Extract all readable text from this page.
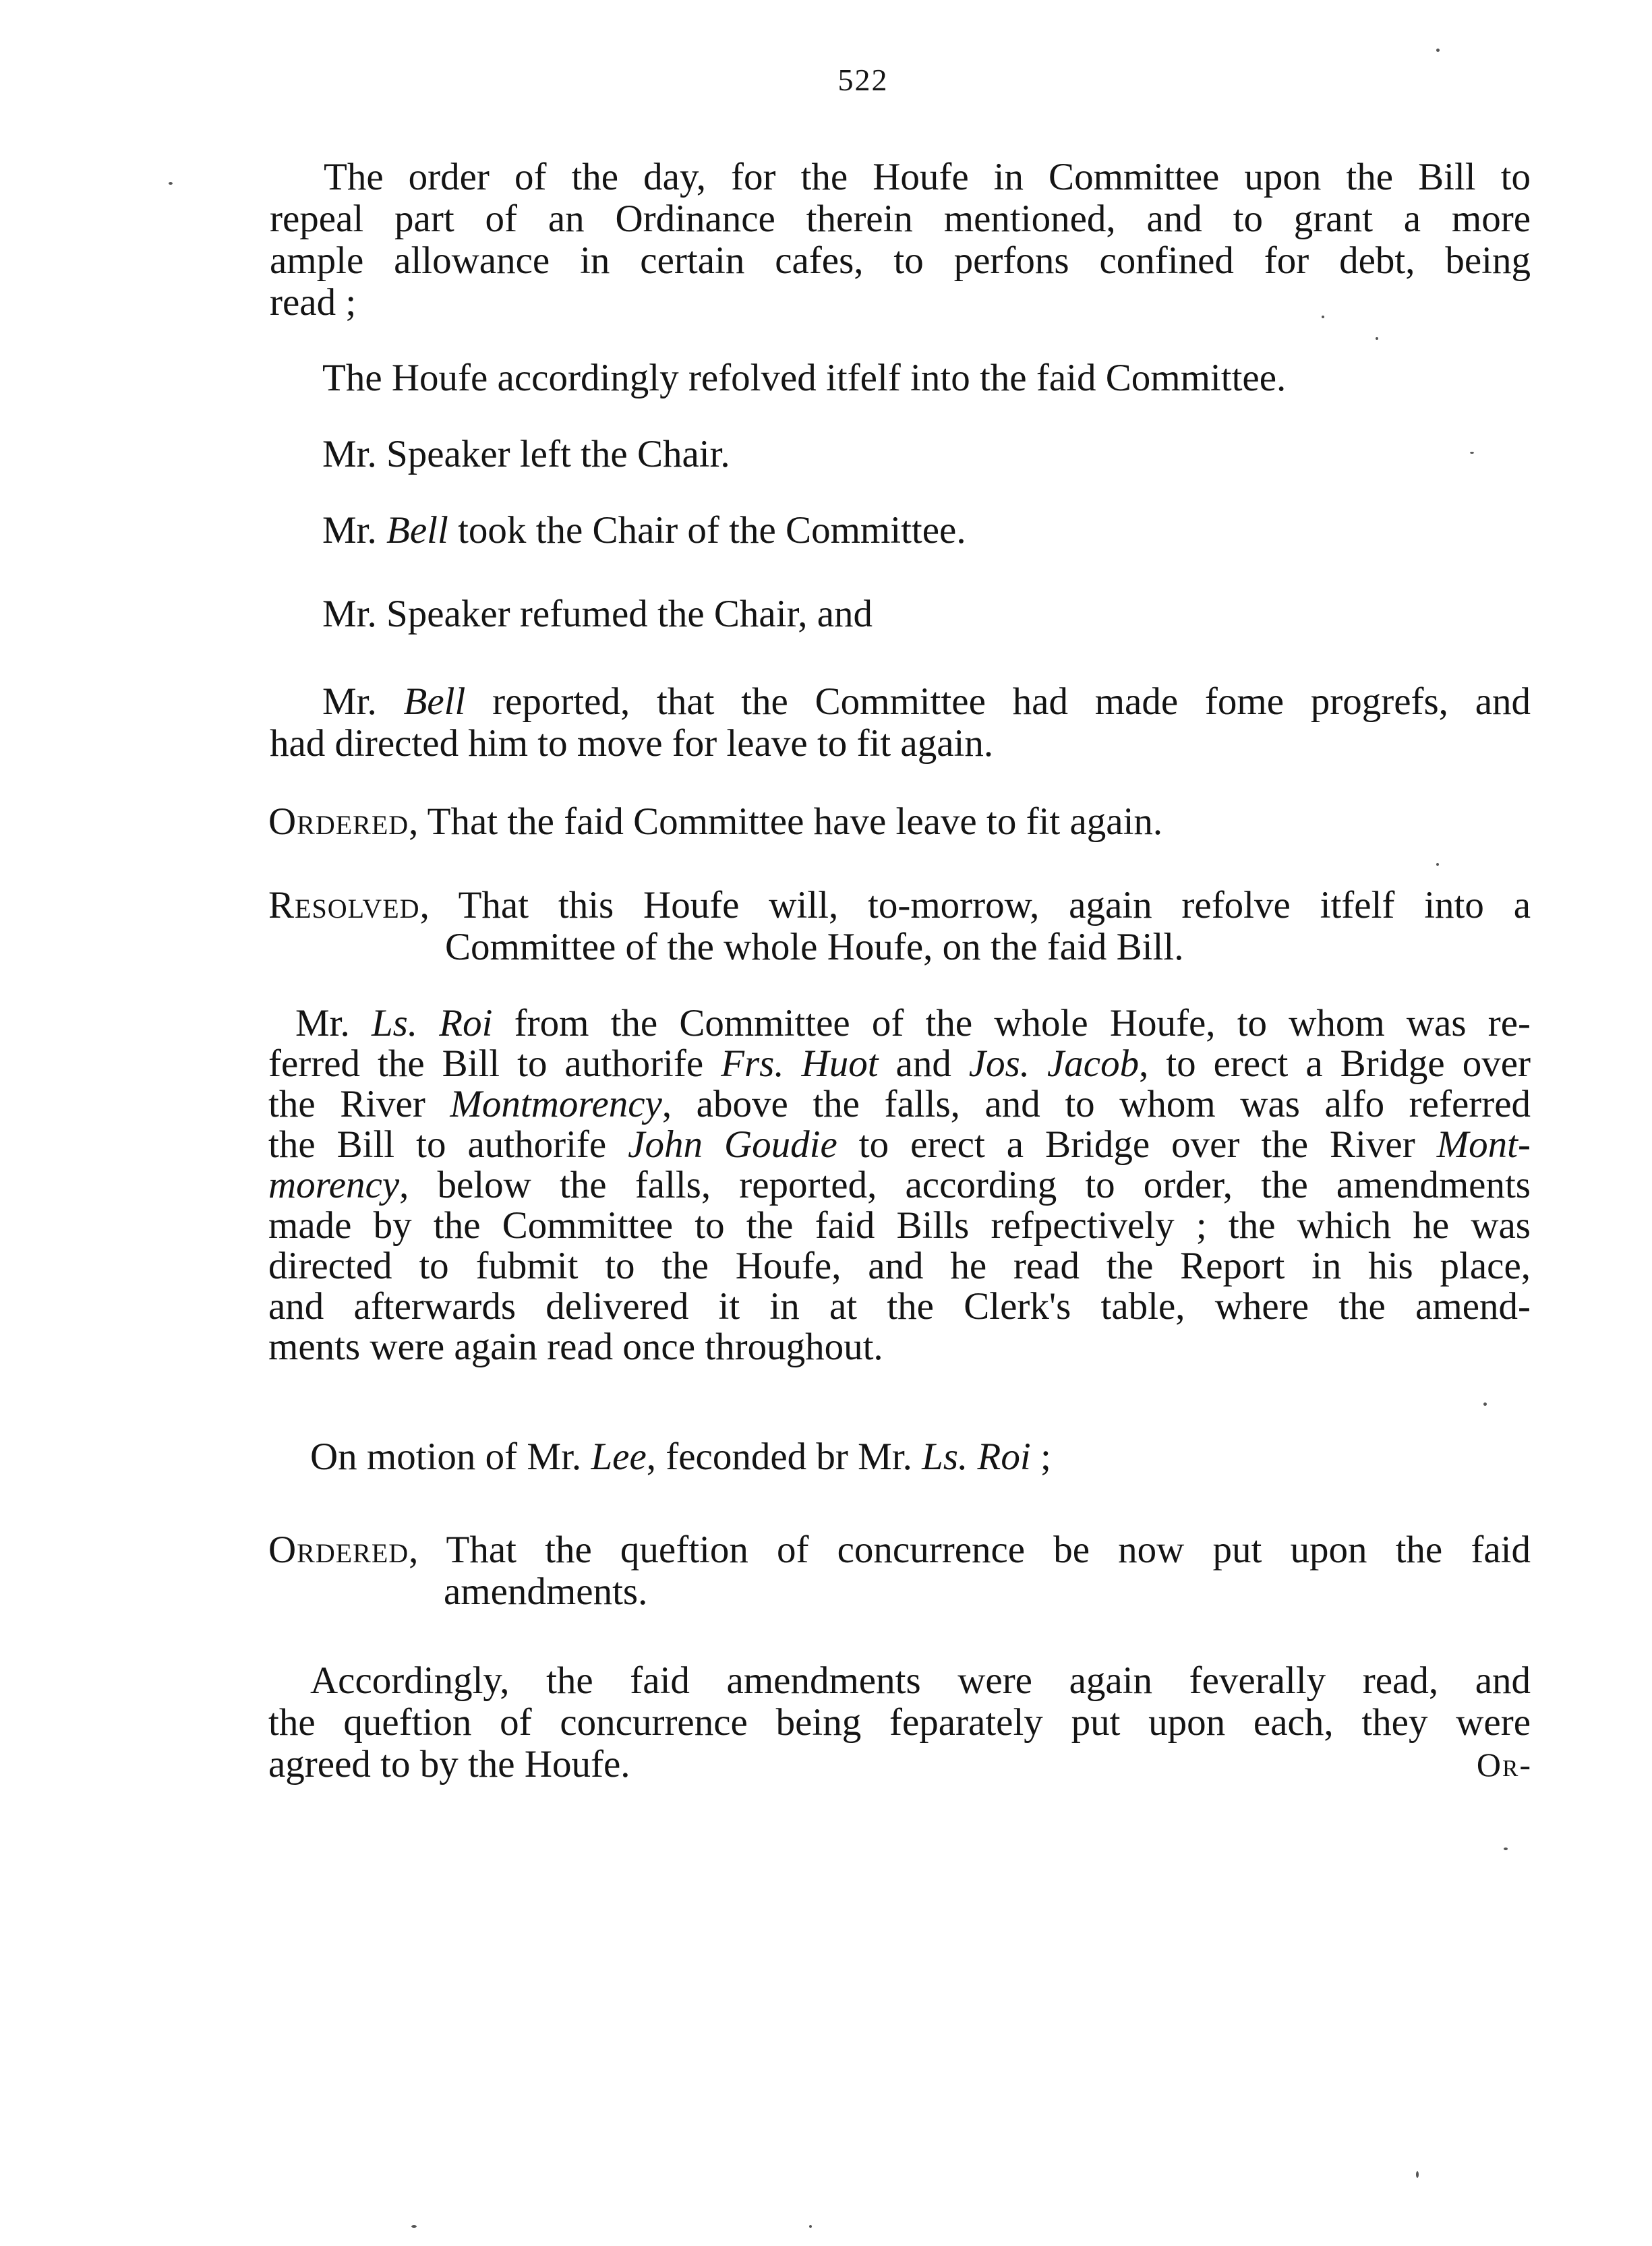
522
The order of the day, for the Houfe in Committee upon the Bill to
repeal part of an Ordinance therein mentioned, and to grant a more
ample allowance in certain cafes, to perfons confined for debt, being
read ;
The Houfe accordingly refolved itfelf into the faid Committee.
Mr. Speaker left the Chair.
Mr. Bell took the Chair of the Committee.
Mr. Speaker refumed the Chair, and
Mr. Bell reported, that the Committee had made fome progrefs, and
had directed him to move for leave to fit again.
Ordered, That the faid Committee have leave to fit again.
Resolved, That this Houfe will, to-morrow, again refolve itfelf into a
Committee of the whole Houfe, on the faid Bill.
Mr. Ls. Roi from the Committee of the whole Houfe, to whom was re-
ferred the Bill to authorife Frs. Huot and Jos. Jacob, to erect a Bridge over
the River Montmorency, above the falls, and to whom was alfo referred
the Bill to authorife John Goudie to erect a Bridge over the River Mont-
morency, below the falls, reported, according to order, the amendments
made by the Committee to the faid Bills refpectively ; the which he was
directed to fubmit to the Houfe, and he read the Report in his place,
and afterwards delivered it in at the Clerk's table, where the amend-
ments were again read once throughout.
On motion of Mr. Lee, feconded br Mr. Ls. Roi ;
Ordered, That the queftion of concurrence be now put upon the faid
amendments.
Accordingly, the faid amendments were again feverally read, and
the queftion of concurrence being feparately put upon each, they were
agreed to by the Houfe.	Or-
